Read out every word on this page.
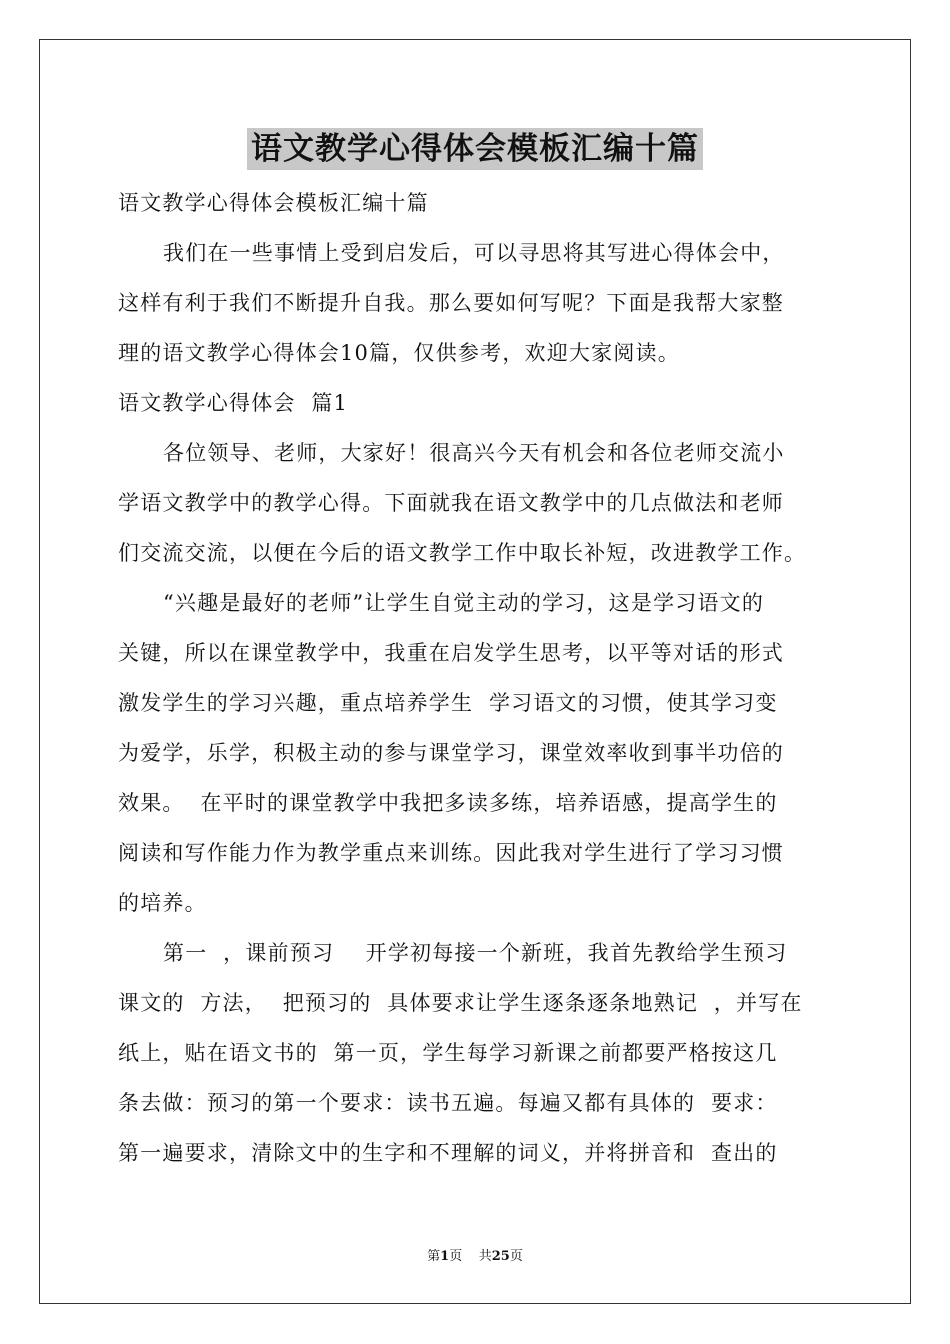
语文教学心得体会模板汇编十篇
语文教学心得体会模板汇编十篇
我们在一些事情上受到启发后，可以寻思将其写进心得体会中，
这样有利于我们不断提升自我。那么要如何写呢？下面是我帮大家整
理的语文教学心得体会10篇，仅供参考，欢迎大家阅读。
语文教学心得体会  篇1
各位领导、老师，大家好！很高兴今天有机会和各位老师交流小
学语文教学中的教学心得。下面就我在语文教学中的几点做法和老师
们交流交流，以便在今后的语文教学工作中取长补短，改进教学工作。
“兴趣是最好的老师”让学生自觉主动的学习，这是学习语文的
关键，所以在课堂教学中，我重在启发学生思考，以平等对话的形式
激发学生的学习兴趣，重点培养学生  学习语文的习惯，使其学习变
为爱学，乐学，积极主动的参与课堂学习，课堂效率收到事半功倍的
效果。  在平时的课堂教学中我把多读多练，培养语感，提高学生的
阅读和写作能力作为教学重点来训练。因此我对学生进行了学习习惯
的培养。
第一  ，课前预习    开学初每接一个新班，我首先教给学生预习
课文的  方法，  把预习的  具体要求让学生逐条逐条地熟记  ，并写在
纸上，贴在语文书的  第一页，学生每学习新课之前都要严格按这几
条去做：预习的第一个要求：读书五遍。每遍又都有具体的  要求：
第一遍要求，清除文中的生字和不理解的词义，并将拼音和  查出的
第1页    共25页
